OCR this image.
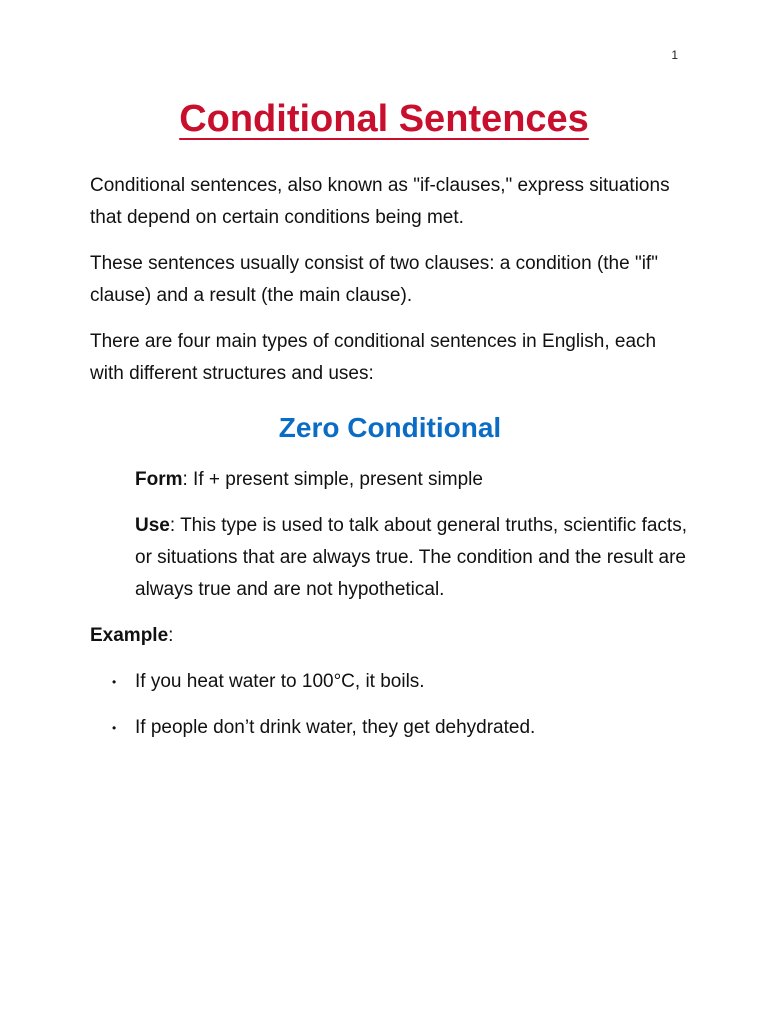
1
Conditional Sentences

Conditional sentences, also known as "if-clauses," express situations that depend on certain conditions being met.

These sentences usually consist of two clauses: a condition (the "if" clause) and a result (the main clause).

There are four main types of conditional sentences in English, each with different structures and uses:

Zero Conditional

Form: If + present simple, present simple

Use: This type is used to talk about general truths, scientific facts, or situations that are always true. The condition and the result are always true and are not hypothetical.

Example:

• If you heat water to 100°C, it boils.
• If people don’t drink water, they get dehydrated.
